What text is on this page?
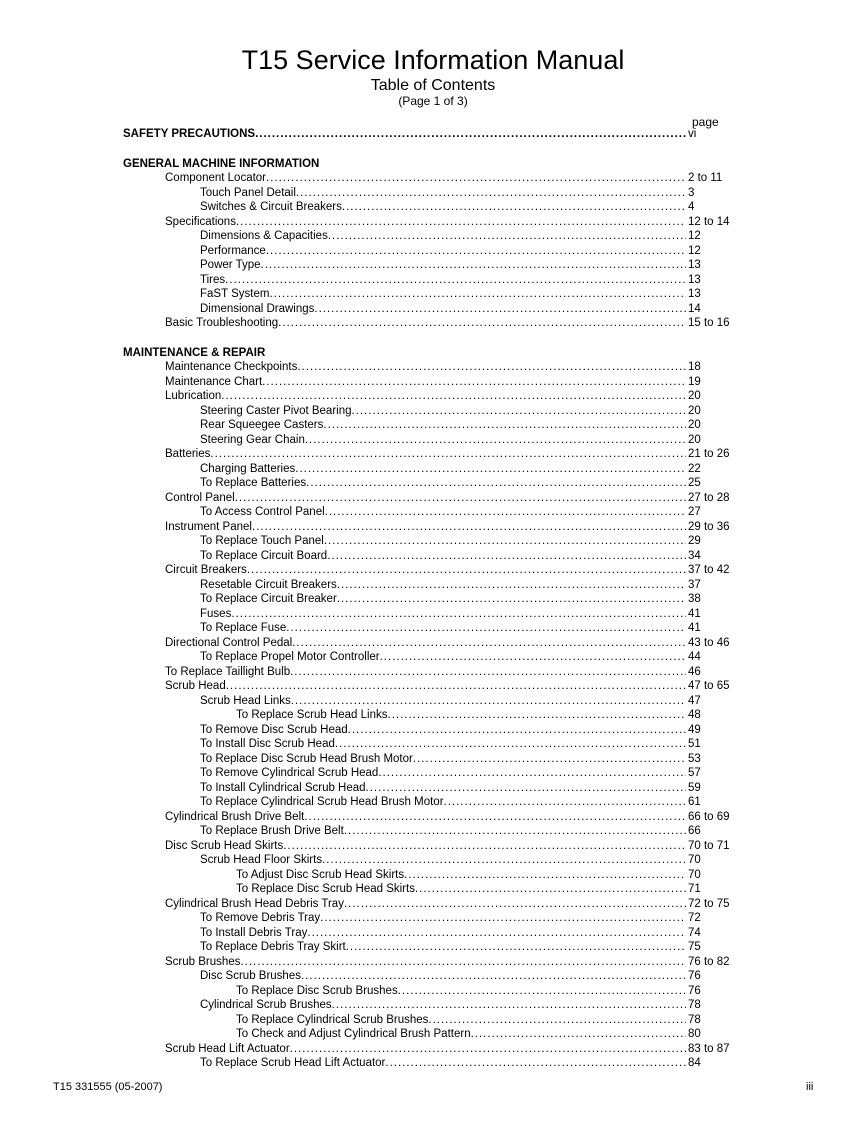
T15 Service Information Manual
Table of Contents
(Page 1 of 3)
page
SAFETY PRECAUTIONS .....	vi
GENERAL MACHINE INFORMATION
Component Locator .....	2 to 11
Touch Panel Detail .....	3
Switches & Circuit Breakers .....	4
Specifications .....	12 to 14
Dimensions & Capacities .....	12
Performance .....	12
Power Type .....	13
Tires .....	13
FaST System .....	13
Dimensional Drawings .....	14
Basic Troubleshooting .....	15 to 16
MAINTENANCE & REPAIR
Maintenance Checkpoints .....	18
Maintenance Chart .....	19
Lubrication .....	20
Steering Caster Pivot Bearing .....	20
Rear Squeegee Casters .....	20
Steering Gear Chain .....	20
Batteries .....	21 to 26
Charging Batteries .....	22
To Replace Batteries .....	25
Control Panel .....	27 to 28
To Access Control Panel .....	27
Instrument Panel .....	29 to 36
To Replace Touch Panel .....	29
To Replace Circuit Board .....	34
Circuit Breakers .....	37 to 42
Resetable Circuit Breakers .....	37
To Replace Circuit Breaker .....	38
Fuses .....	41
To Replace Fuse .....	41
Directional Control Pedal .....	43 to 46
To Replace Propel Motor Controller .....	44
To Replace Taillight Bulb .....	46
Scrub Head .....	47 to 65
Scrub Head Links .....	47
To Replace Scrub Head Links .....	48
To Remove Disc Scrub Head .....	49
To Install Disc Scrub Head .....	51
To Replace Disc Scrub Head Brush Motor .....	53
To Remove Cylindrical Scrub Head .....	57
To Install Cylindrical Scrub Head .....	59
To Replace Cylindrical Scrub Head Brush Motor .....	61
Cylindrical Brush Drive Belt .....	66 to 69
To Replace Brush Drive Belt .....	66
Disc Scrub Head Skirts .....	70 to 71
Scrub Head Floor Skirts .....	70
To Adjust Disc Scrub Head Skirts .....	70
To Replace Disc Scrub Head Skirts .....	71
Cylindrical Brush Head Debris Tray .....	72 to 75
To Remove Debris Tray .....	72
To Install Debris Tray .....	74
To Replace Debris Tray Skirt .....	75
Scrub Brushes .....	76 to 82
Disc Scrub Brushes .....	76
To Replace Disc Scrub Brushes .....	76
Cylindrical Scrub Brushes .....	78
To Replace Cylindrical Scrub Brushes .....	78
To Check and Adjust Cylindrical Brush Pattern .....	80
Scrub Head Lift Actuator .....	83 to 87
To Replace Scrub Head Lift Actuator .....	84
T15 331555 (05-2007)	iii
